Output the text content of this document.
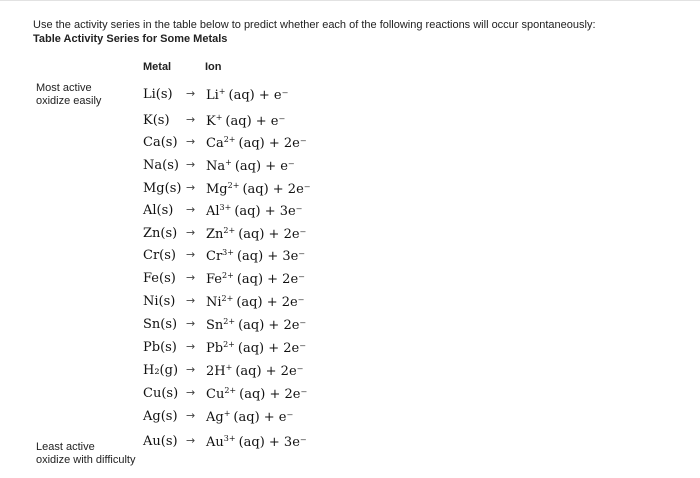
Use the activity series in the table below to predict whether each of the following reactions will occur spontaneously:
Table Activity Series for Some Metals
Metal	Ion
Most active
oxidize easily
Least active
oxidize with difficulty
Li(s) → Li+ (aq) + e⁻
K(s) → K+ (aq) + e⁻
$Ca(s) \to Ca^{2+}$ (aq) + 2e⁻
Na(s) → Na+ (aq) + e⁻
$Mg(s) \to Mg^{2+}$ (aq) + 2e⁻
$Al(s) \to Al^{3+}$ (aq) + 3e⁻
$Zn(s) \to Zn^{2+}$ (aq) + 2e⁻
$Cr(s) \to Cr^{3+}$ (aq) + 3e⁻
$Fe(s) \to Fe^{2+}$ (aq) + 2e⁻
$Ni(s) \to Ni^{2+}$ (aq) + 2e⁻
$Sn(s) \to Sn^{2+}$ (aq) + 2e⁻
$Pb(s) \to Pb^{2+}$ (aq) + 2e⁻
H₂(g) → 2H+ (aq) + 2e⁻
$Cu(s) \to Cu^{2+}$ (aq) + 2e⁻
Ag(s) → Ag+ (aq) + e⁻
$Au(s) \to Au^{3+}$ (aq) + 3e⁻
